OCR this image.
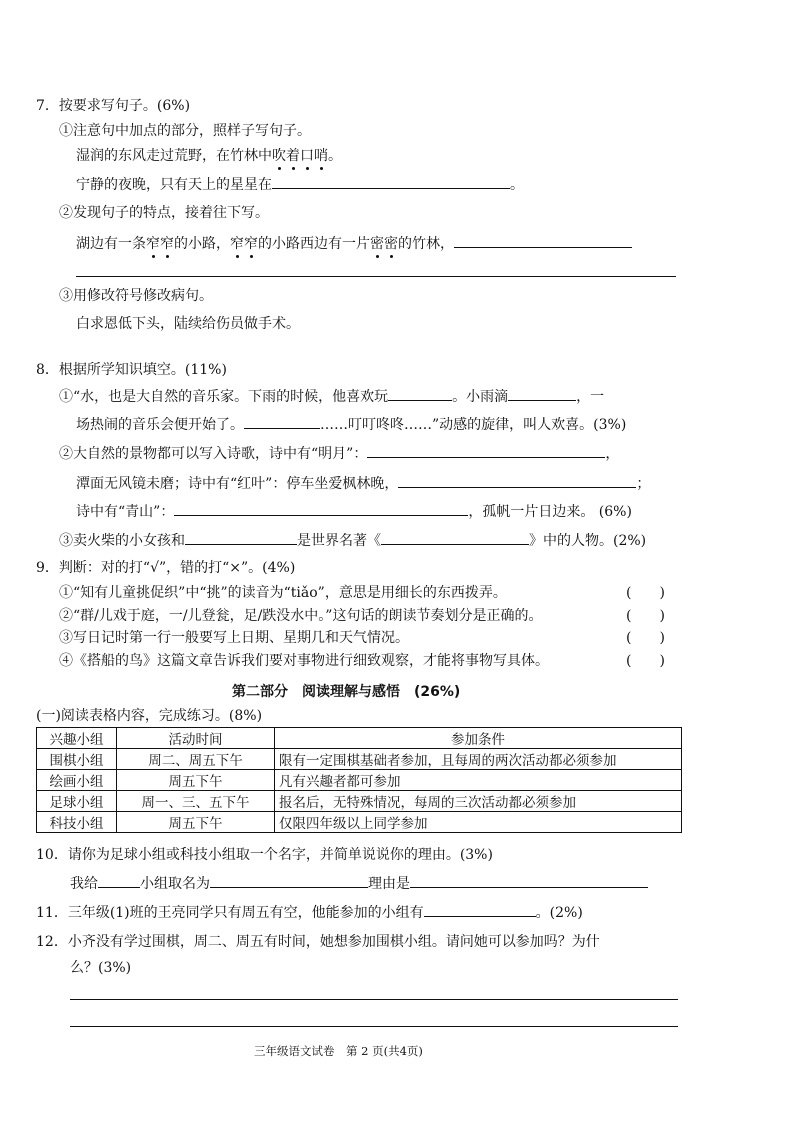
7．按要求写句子。(6%)
①注意句中加点的部分，照样子写句子。
湿润的东风走过荒野，在竹林中吹着口哨。
宁静的夜晚，只有天上的星星在	。
②发现句子的特点，接着往下写。
湖边有一条窄窄的小路，窄窄的小路西边有一片密密的竹林，
③用修改符号修改病句。
白求恩低下头，陆续给伤员做手术。
8．根据所学知识填空。(11%)
①“水，也是大自然的音乐家。下雨的时候，他喜欢玩	。小雨滴	，一
场热闹的音乐会便开始了。	……叮叮咚咚……”动感的旋律，叫人欢喜。(3%)
②大自然的景物都可以写入诗歌，诗中有“明月”：	，
潭面无风镜未磨；诗中有“红叶”：停车坐爱枫林晚，	；
诗中有“青山”：	，孤帆一片日边来。 (6%)
③卖火柴的小女孩和	是世界名著《	》中的人物。(2%)
9．判断：对的打“√”，错的打“×”。(4%)
①“知有儿童挑促织”中“挑”的读音为“tiǎo”，意思是用细长的东西拨弄。	(　　)
②“群/儿戏于庭，一/儿登瓮，足/跌没水中。”这句话的朗读节奏划分是正确的。	(　　)
③写日记时第一行一般要写上日期、星期几和天气情况。	(　　)
④《搭船的鸟》这篇文章告诉我们要对事物进行细致观察，才能将事物写具体。	(　　)
第二部分　阅读理解与感悟　(26%)
(一)阅读表格内容，完成练习。(8%)
兴趣小组	活动时间	参加条件
围棋小组	周二、周五下午	限有一定围棋基础者参加，且每周的两次活动都必须参加
绘画小组	周五下午	凡有兴趣者都可参加
足球小组	周一、三、五下午	报名后，无特殊情况，每周的三次活动都必须参加
科技小组	周五下午	仅限四年级以上同学参加
10．请你为足球小组或科技小组取一个名字，并简单说说你的理由。(3%)
我给	小组取名为	理由是
11．三年级(1)班的王亮同学只有周五有空，他能参加的小组有	。(2%)
12．小齐没有学过围棋，周二、周五有时间，她想参加围棋小组。请问她可以参加吗？为什
么？(3%)
三年级语文试卷　第 2 页(共4页)
